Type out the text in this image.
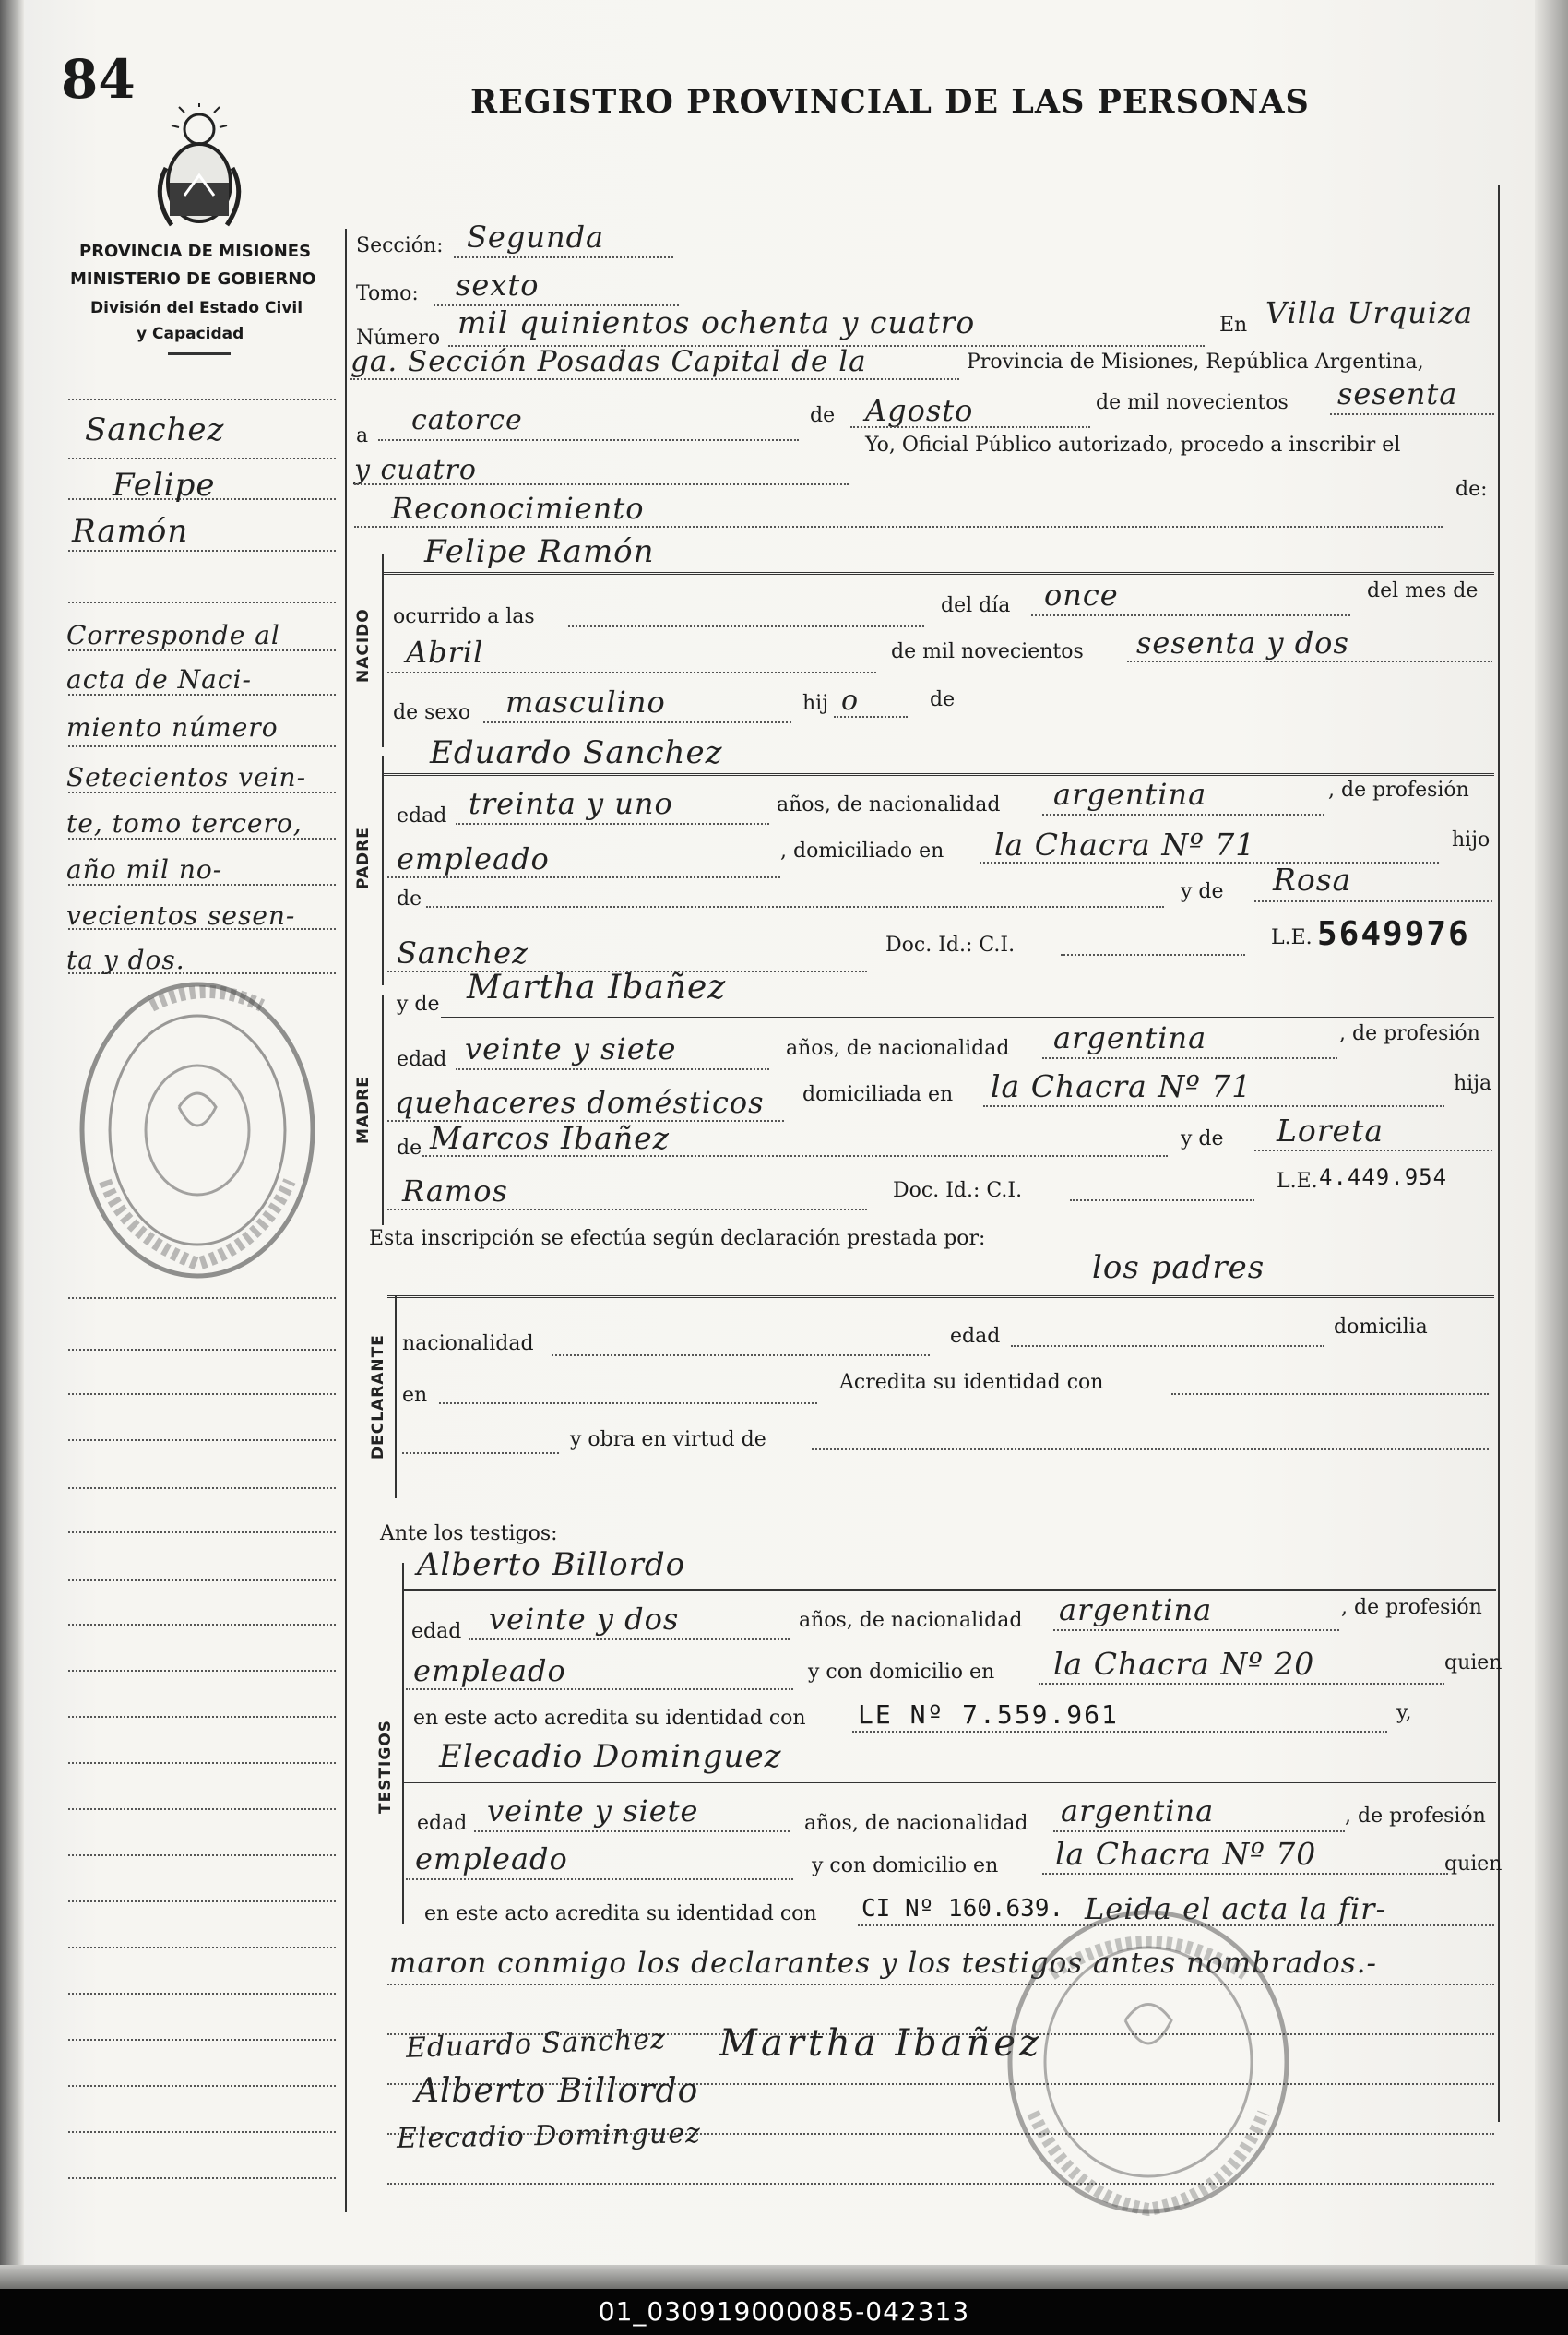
84	REGISTRO PROVINCIAL DE LAS PERSONAS
PROVINCIA DE MISIONES
MINISTERIO DE GOBIERNO
División del Estado Civil
y Capacidad
Sanchez
Felipe
Ramón
Corresponde al
acta de Naci-
miento número
Setecientos vein-
te, tomo tercero,
año mil no-
vecientos sesen-
ta y dos.
Sección: Segunda
Tomo: sexto
Número mil quinientos ochenta y cuatro	En Villa Urquiza
ga. Sección Posadas Capital de la	Provincia de Misiones, República Argentina,
a catorce	de Agosto	de mil novecientos sesenta
y cuatro
Yo, Oficial Público autorizado, procedo a inscribir el
Reconocimiento
de:
NACIDO
Felipe Ramón
ocurrido a las	del día once	del mes de
Abril	de mil novecientos sesenta y dos
de sexo masculino	hij o	de
PADRE
Eduardo Sanchez
edad treinta y uno	años, de nacionalidad argentina	, de profesión
empleado	, domiciliado en la Chacra Nº 71	hijo
de	y de Rosa
Sanchez	Doc. Id.: C.I.	L.E. 5649976
MADRE
y de Martha Ibañez
edad veinte y siete	años, de nacionalidad argentina	, de profesión
quehaceres domésticos domiciliada en la Chacra Nº 71	hija
de Marcos Ibañez	y de Loreta
Ramos	Doc. Id.: C.I.	L.E. 4.449.954
Esta inscripción se efectúa según declaración prestada por:
los padres
DECLARANTE nacionalidad	edad	domicilia
en
Acredita su identidad con
y obra en virtud de
Ante los testigos:
TESTIGOS
Alberto Billordo
edad veinte y dos	años, de nacionalidad argentina	, de profesión
empleado	y con domicilio en la Chacra Nº 20	quien
en este acto acredita su identidad con LE Nº 7.559.961	y,
Elecadio Dominguez
edad veinte y siete	años, de nacionalidad argentina	, de profesión
empleado	y con domicilio en la Chacra Nº 70	quien
en este acto acredita su identidad con CI Nº 160.639. Leida el acta la fir-
maron conmigo los declarantes y los testigos antes nombrados.-
Eduardo Sanchez Martha Ibañez
Alberto Billordo
Elecadio Dominguez
01_030919000085-042313
